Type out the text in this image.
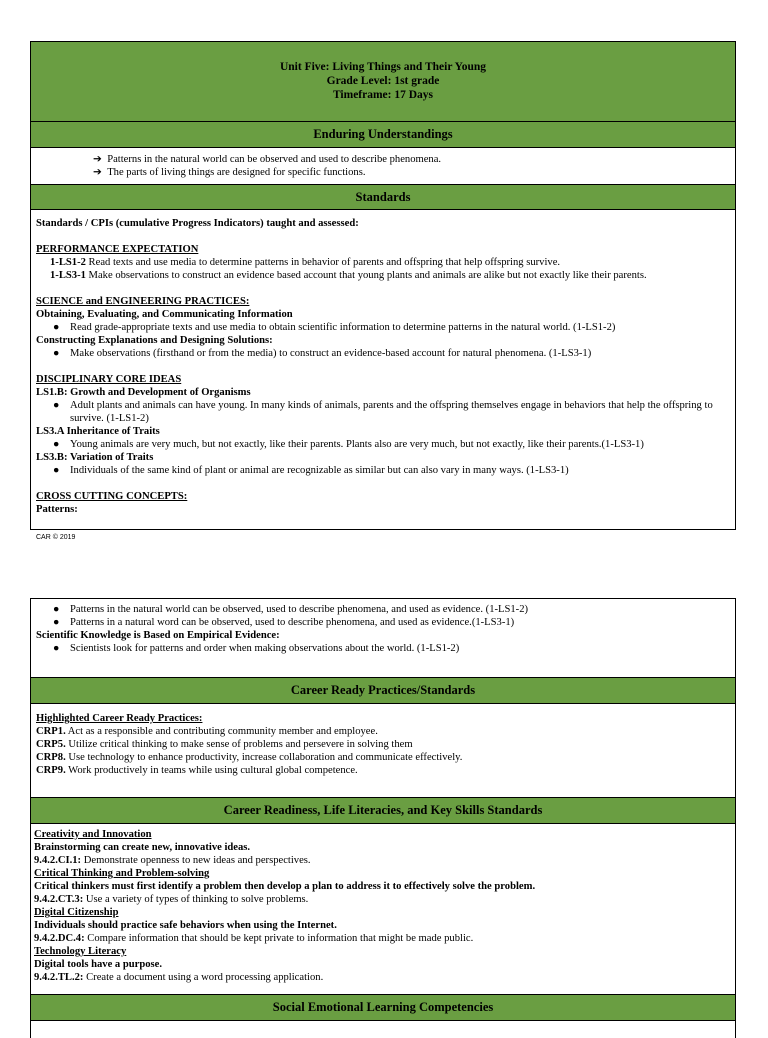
Unit Five: Living Things and Their Young
Grade Level: 1st grade
Timeframe: 17 Days
Enduring Understandings
➔ Patterns in the natural world can be observed and used to describe phenomena.
➔ The parts of living things are designed for specific functions.
Standards
Standards / CPIs (cumulative Progress Indicators) taught and assessed:
PERFORMANCE EXPECTATION
1-LS1-2 Read texts and use media to determine patterns in behavior of parents and offspring that help offspring survive.
1-LS3-1 Make observations to construct an evidence based account that young plants and animals are alike but not exactly like their parents.
SCIENCE and ENGINEERING PRACTICES:
Obtaining, Evaluating, and Communicating Information
● Read grade-appropriate texts and use media to obtain scientific information to determine patterns in the natural world. (1-LS1-2)
Constructing Explanations and Designing Solutions:
● Make observations (firsthand or from the media) to construct an evidence-based account for natural phenomena. (1-LS3-1)
DISCIPLINARY CORE IDEAS
LS1.B: Growth and Development of Organisms
● Adult plants and animals can have young. In many kinds of animals, parents and the offspring themselves engage in behaviors that help the offspring to survive. (1-LS1-2)
LS3.A Inheritance of Traits
● Young animals are very much, but not exactly, like their parents. Plants also are very much, but not exactly, like their parents.(1-LS3-1)
LS3.B: Variation of Traits
● Individuals of the same kind of plant or animal are recognizable as similar but can also vary in many ways. (1-LS3-1)
CROSS CUTTING CONCEPTS:
Patterns:
CAR © 2019
● Patterns in the natural world can be observed, used to describe phenomena, and used as evidence. (1-LS1-2)
● Patterns in a natural word can be observed, used to describe phenomena, and used as evidence.(1-LS3-1)
Scientific Knowledge is Based on Empirical Evidence:
● Scientists look for patterns and order when making observations about the world. (1-LS1-2)
Career Ready Practices/Standards
Highlighted Career Ready Practices:
CRP1. Act as a responsible and contributing community member and employee.
CRP5. Utilize critical thinking to make sense of problems and persevere in solving them
CRP8. Use technology to enhance productivity, increase collaboration and communicate effectively.
CRP9. Work productively in teams while using cultural global competence.
Career Readiness, Life Literacies, and Key Skills Standards
Creativity and Innovation
Brainstorming can create new, innovative ideas.
9.4.2.CI.1: Demonstrate openness to new ideas and perspectives.
Critical Thinking and Problem-solving
Critical thinkers must first identify a problem then develop a plan to address it to effectively solve the problem.
9.4.2.CT.3: Use a variety of types of thinking to solve problems.
Digital Citizenship
Individuals should practice safe behaviors when using the Internet.
9.4.2.DC.4: Compare information that should be kept private to information that might be made public.
Technology Literacy
Digital tools have a purpose.
9.4.2.TL.2: Create a document using a word processing application.
Social Emotional Learning Competencies
